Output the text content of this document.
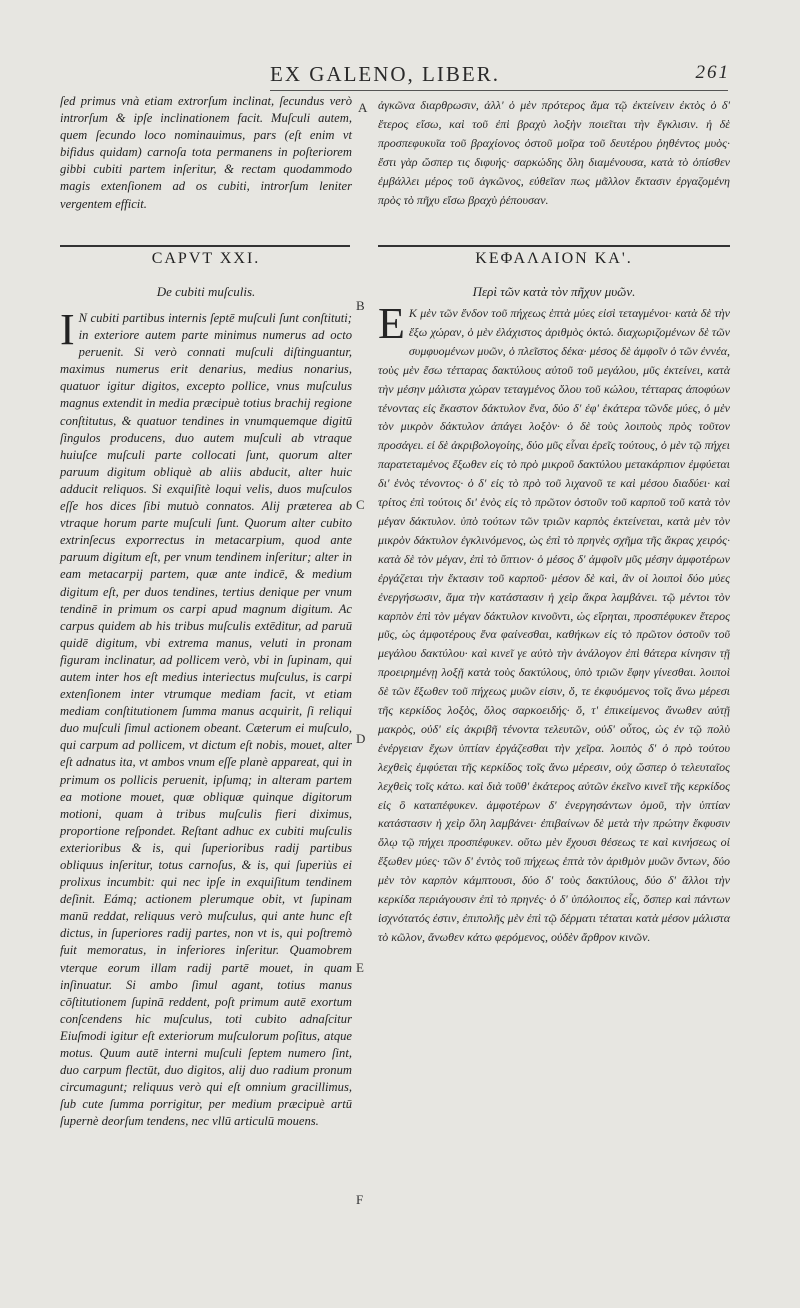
EX GALENO, LIBER.	261

ſed primus vnà etiam extrorſum inclinat, ſecundus verò introrſum & ipſe inclinationem facit. Muſculi autem, quem ſecundo loco nominauimus, pars (eſt enim vt bifidus quidam) carnoſa tota permanens in poſteriorem gibbi cubiti partem inſeritur, & rectam quodammodo magis extenſionem ad os cubiti, introrſum leniter vergentem efficit.

ἀγκῶνα διαρθρωσιν, ἀλλ' ὁ μὲν πρότερος ἅμα τῷ ἐκτείνειν ἐκτὸς ὁ δ' ἕτερος εἴσω, καὶ τοῦ ἐπὶ βραχὺ λοξὴν ποιεῖται τὴν ἔγκλισιν. ἡ δὲ προσπεφυκυῖα τοῦ βραχίονος ὀστοῦ μοῖρα τοῦ δευτέρου ῥηθέντος μυὸς· ἔστι γὰρ ὥσπερ τις διφυής· σαρκώδης ὅλη διαμένουσα, κατὰ τὸ ὀπίσθεν ἐμβάλλει μέρος τοῦ ἀγκῶνος, εὐθεῖαν πως μᾶλλον ἔκτασιν ἐργαζομένη πρὸς τὸ πῆχυ εἴσω βραχὺ ῥέπουσαν.

CAPVT XXI.	ΚΕΦΑΛΑΙΟΝ ΚΑ'.
De cubiti muſculis.	Περὶ τῶν κατὰ τὸν πῆχυν μυῶν.

I N cubiti partibus internis ſeptē muſculi ſunt conſtituti; in exteriore autem parte minimus numerus ad octo peruenit. Si verò connati muſculi diſtinguantur, maximus numerus erit denarius, medius nonarius, quatuor igitur digitos, excepto pollice, vnus muſculus magnus extendit in media præcipuè totius brachij regione conſtitutus, & quatuor tendines in vnumquemque digitū ſingulos producens, duo autem muſculi ab vtraque huiuſce muſculi parte collocati ſunt, quorum alter paruum digitum obliquè ab aliis abducit, alter huic adducit reliquos. Si exquiſitè loqui velis, duos muſculos eſſe hos dices ſibi mutuò connatos. Alij præterea ab vtraque horum parte muſculi ſunt. Quorum alter cubito extrinſecus exporrectus in metacarpium, quod ante paruum digitum eſt, per vnum tendinem inſeritur; alter in eam metacarpij partem, quæ ante indicē, & medium digitum eſt, per duos tendines, tertius denique per vnum tendinē in primum os carpi apud magnum digitum. Ac carpus quidem ab his tribus muſculis extēditur, ad paruū quidē digitum, vbi extrema manus, veluti in pronam figuram inclinatur, ad pollicem verò, vbi in ſupinam, qui autem inter hos eſt medius interiectus muſculus, is carpi extenſionem inter vtrumque mediam facit, vt etiam mediam conſtitutionem ſumma manus acquirit, ſi reliqui duo muſculi ſimul actionem obeant. Cæterum ei muſculo, qui carpum ad pollicem, vt dictum eſt nobis, mouet, alter eſt adnatus ita, vt ambos vnum eſſe planè appareat, qui in primum os pollicis peruenit, ipſumq; in alteram partem ea motione mouet, quæ obliquæ quinque digitorum motioni, quam à tribus muſculis fieri diximus, proportione reſpondet. Reſtant adhuc ex cubiti muſculis exterioribus & is, qui ſuperioribus radij partibus obliquus inſeritur, totus carnoſus, & is, qui ſuperiùs ei prolixus incumbit: qui nec ipſe in exquiſitum tendinem deſinit. Eámq; actionem plerumque obit, vt ſupinam manū reddat, reliquus verò muſculus, qui ante hunc eſt dictus, in ſuperiores radij partes, non vt is, qui poſtremò fuit memoratus, in inferiores inſeritur. Quamobrem vterque eorum illam radij partē mouet, in quam inſinuatur. Si ambo ſimul agant, totius manus cōſtitutionem ſupinā reddent, poſt primum autē exortum conſcendens hic muſculus, toti cubito adnaſcitur Eiuſmodi igitur eſt exteriorum muſculorum poſitus, atque motus. Quum autē interni muſculi ſeptem numero ſint, duo carpum flectūt, duo digitos, alij duo radium pronum circumagunt; reliquus verò qui eſt omnium gracillimus, ſub cute ſumma porrigitur, per medium præcipuè artū ſupernè deorſum tendens, nec vllū articulū mouens.

Ε Κ μὲν τῶν ἔνδον τοῦ πήχεως ἑπτὰ μύες εἰσὶ τεταγμένοι· κατὰ δὲ τὴν ἔξω χώραν, ὁ μὲν ἐλάχιστος ἀριθμὸς ὀκτώ. διαχωριζομένων δὲ τῶν συμφυομένων μυῶν, ὁ πλεῖστος δέκα· μέσος δὲ ἀμφοῖν ὁ τῶν ἐννέα, τοὺς μὲν ἔσω τέτταρας δακτύλους αὐτοῦ τοῦ μεγάλου, μῦς ἐκτείνει, κατὰ τὴν μέσην μάλιστα χώραν τεταγμένος ὅλου τοῦ κώλου, τέτταρας ἀποφύων τένοντας εἰς ἕκαστον δάκτυλον ἕνα, δύο δ' ἐφ' ἑκάτερα τῶνδε μύες, ὁ μὲν τὸν μικρὸν δάκτυλον ἀπάγει λοξὸν· ὁ δὲ τοὺς λοιποὺς πρὸς τοῦτον προσάγει. εἰ δὲ ἀκριβολογοίης, δύο μῦς εἶναι ἐρεῖς τούτους, ὁ μὲν τῷ πήχει παρατεταμένος ἔξωθεν εἰς τὸ πρὸ μικροῦ δακτύλου μετακάρπιον ἐμφύεται δι' ἑνὸς τένοντος· ὁ δ' εἰς τὸ πρὸ τοῦ λιχανοῦ τε καὶ μέσου διαδύει· καὶ τρίτος ἐπὶ τούτοις δι' ἑνὸς εἰς τὸ πρῶτον ὀστοῦν τοῦ καρποῦ τοῦ κατὰ τὸν μέγαν δάκτυλον. ὑπὸ τούτων τῶν τριῶν καρπὸς ἐκτείνεται, κατὰ μὲν τὸν μικρὸν δάκτυλον ἐγκλινόμενος, ὡς ἐπὶ τὸ πρηνὲς σχῆμα τῆς ἄκρας χειρός· κατὰ δὲ τὸν μέγαν, ἐπὶ τὸ ὕπτιον· ὁ μέσος δ' ἀμφοῖν μῦς μέσην ἀμφοτέρων ἐργάζεται τὴν ἔκτασιν τοῦ καρποῦ· μέσον δὲ καὶ, ἂν οἱ λοιποὶ δύο μύες ἐνεργήσωσιν, ἅμα τὴν κατάστασιν ἡ χεὶρ ἄκρα λαμβάνει. τῷ μέντοι τὸν καρπὸν ἐπὶ τὸν μέγαν δάκτυλον κινοῦντι, ὡς εἴρηται, προσπέφυκεν ἕτερος μῦς, ὡς ἀμφοτέρους ἕνα φαίνεσθαι, καθήκων εἰς τὸ πρῶτον ὀστοῦν τοῦ μεγάλου δακτύλου· καὶ κινεῖ γε αὐτὸ τὴν ἀνάλογον ἐπὶ θάτερα κίνησιν τῇ προειρημένῃ λοξῇ κατὰ τοὺς δακτύλους, ὑπὸ τριῶν ἔφην γίνεσθαι. λοιποὶ δὲ τῶν ἔξωθεν τοῦ πήχεως μυῶν εἰσιν, ὅ, τε ἐκφυόμενος τοῖς ἄνω μέρεσι τῆς κερκίδος λοξὸς, ὅλος σαρκοειδής· ὅ, τ' ἐπικείμενος ἄνωθεν αὐτῇ μακρὸς, οὐδ' εἰς ἀκριβῆ τένοντα τελευτῶν, οὐδ' οὗτος, ὡς ἐν τῷ πολὺ ἐνέργειαν ἔχων ὑπτίαν ἐργάζεσθαι τὴν χεῖρα. λοιπὸς δ' ὁ πρὸ τούτου λεχθεὶς ἐμφύεται τῆς κερκίδος τοῖς ἄνω μέρεσιν, οὐχ ὥσπερ ὁ τελευταῖος λεχθεὶς τοῖς κάτω. καὶ διὰ τοῦθ' ἑκάτερος αὐτῶν ἐκεῖνο κινεῖ τῆς κερκίδος εἰς ὃ καταπέφυκεν. ἀμφοτέρων δ' ἐνεργησάντων ὁμοῦ, τὴν ὑπτίαν κατάστασιν ἡ χεὶρ ὅλη λαμβάνει· ἐπιβαίνων δὲ μετὰ τὴν πρώτην ἔκφυσιν ὅλῳ τῷ πήχει προσπέφυκεν. οὕτω μὲν ἔχουσι θέσεως τε καὶ κινήσεως οἱ ἔξωθεν μύες· τῶν δ' ἐντὸς τοῦ πήχεως ἑπτὰ τὸν ἀριθμὸν μυῶν ὄντων, δύο μὲν τὸν καρπὸν κάμπτουσι, δύο δ' τοὺς δακτύλους, δύο δ' ἄλλοι τὴν κερκίδα περιάγουσιν ἐπὶ τὸ πρηνές· ὁ δ' ὑπόλοιπος εἷς, ὅσπερ καὶ πάντων ἰσχνότατός ἐστιν, ἐπιπολῆς μὲν ἐπὶ τῷ δέρματι τέταται κατὰ μέσον μάλιστα τὸ κῶλον, ἄνωθεν κάτω φερόμενος, οὐδὲν ἄρθρον κινῶν.

A
B
C
D
E
F
